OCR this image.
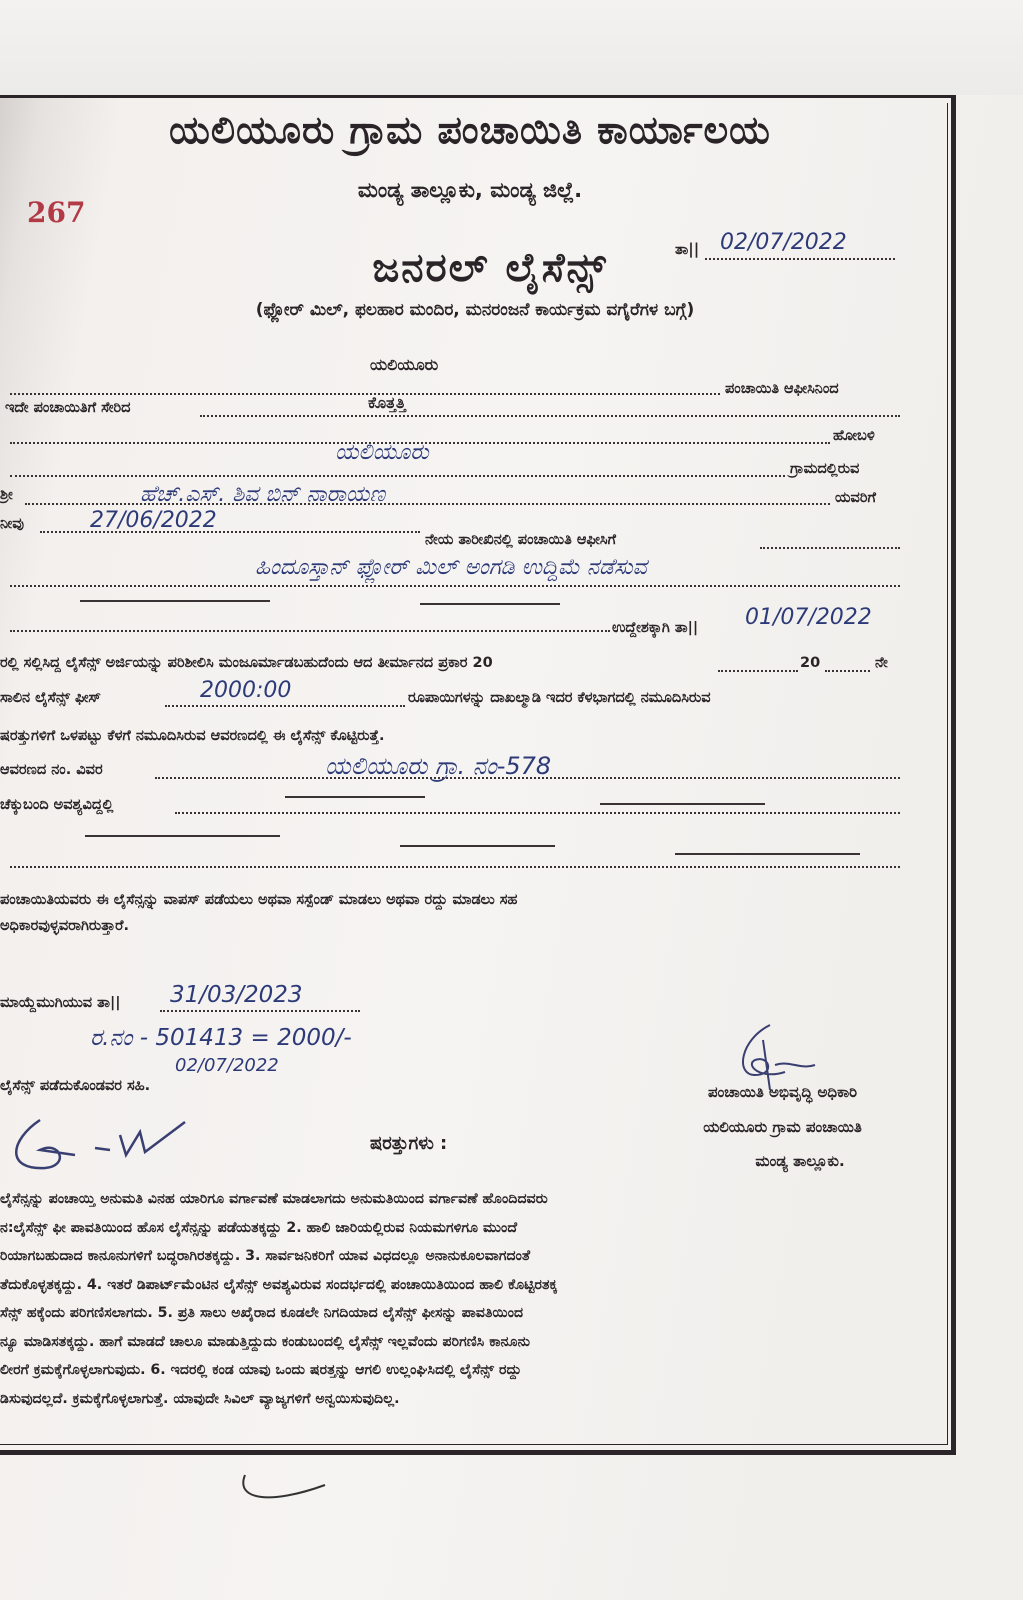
ಯಲಿಯೂರು ಗ್ರಾಮ ಪಂಚಾಯಿತಿ ಕಾರ್ಯಾಲಯ
ಮಂಡ್ಯ ತಾಲ್ಲೂಕು, ಮಂಡ್ಯ ಜಿಲ್ಲೆ.
267
ತಾ|| 02/07/2022
ಜನರಲ್ ಲೈಸೆನ್ಸ್
(ಫ್ಲೋರ್ ಮಿಲ್, ಫಲಹಾರ ಮಂದಿರ, ಮನರಂಜನೆ ಕಾರ್ಯಕ್ರಮ ವಗೈರೆಗಳ ಬಗ್ಗೆ)
ಯಲಿಯೂರು
ಪಂಚಾಯಿತಿ ಆಫೀಸಿನಿಂದ
ಇದೇ ಪಂಚಾಯಿತಿಗೆ ಸೇರಿದ	ಕೊತ್ತತ್ತಿ
ಹೋಬಳಿ
ಯಲಿಯೂರು
ಗ್ರಾಮದಲ್ಲಿರುವ
ಶ್ರೀ	ಹೆಚ್.ಎಸ್. ಶಿವ ಬಿನ್ ನಾರಾಯಣ	ಯವರಿಗೆ
ನೀವು	27/06/2022
ನೇಯ ತಾರೀಖಿನಲ್ಲಿ ಪಂಚಾಯಿತಿ ಆಫೀಸಿಗೆ
ಹಿಂದೂಸ್ತಾನ್ ಫ್ಲೋರ್ ಮಿಲ್ ಅಂಗಡಿ ಉದ್ದಿಮೆ ನಡೆಸುವ
ಉದ್ದೇಶಕ್ಕಾಗಿ ತಾ|| 01/07/2022
ರಲ್ಲಿ ಸಲ್ಲಿಸಿದ್ದ ಲೈಸೆನ್ಸ್ ಅರ್ಜಿಯನ್ನು ಪರಿಶೀಲಿಸಿ ಮಂಜೂರ್ಮಾಡಬಹುದೆಂದು ಆದ ತೀರ್ಮಾನದ ಪ್ರಕಾರ 20	20	ನೇ
ಸಾಲಿನ ಲೈಸೆನ್ಸ್ ಫೀಸ್	2000:00	ರೂಪಾಯಿಗಳನ್ನು ದಾಖಲ್ಮಾಡಿ ಇದರ ಕೆಳಭಾಗದಲ್ಲಿ ನಮೂದಿಸಿರುವ
ಷರತ್ತುಗಳಿಗೆ ಒಳಪಟ್ಟು ಕೆಳಗೆ ನಮೂದಿಸಿರುವ ಆವರಣದಲ್ಲಿ ಈ ಲೈಸೆನ್ಸ್ ಕೊಟ್ಟಿರುತ್ತೆ.
ಆವರಣದ ನಂ. ವಿವರ	ಯಲಿಯೂರು ಗ್ರಾ. ನಂ-578
ಚೆಕ್ಕುಬಂದಿ ಅವಶ್ಯವಿದ್ದಲ್ಲಿ
ಪಂಚಾಯಿತಿಯವರು ಈ ಲೈಸೆನ್ಸನ್ನು ವಾಪಸ್ ಪಡೆಯಲು ಅಥವಾ ಸಸ್ಪೆಂಡ್ ಮಾಡಲು ಅಥವಾ ರದ್ದು ಮಾಡಲು ಸಹ
ಅಧಿಕಾರವುಳ್ಳವರಾಗಿರುತ್ತಾರೆ.
ಮಾಯ್ದೆಮುಗಿಯುವ ತಾ|| 31/03/2023
ರ.ನಂ - 501413 = 2000/-
02/07/2022
ಲೈಸೆನ್ಸ್ ಪಡೆದುಕೊಂಡವರ ಸಹಿ.	ಪಂಚಾಯಿತಿ ಅಭಿವೃದ್ಧಿ ಅಧಿಕಾರಿ
ಯಲಿಯೂರು ಗ್ರಾಮ ಪಂಚಾಯಿತಿ
ಮಂಡ್ಯ ತಾಲ್ಲೂಕು.
ಷರತ್ತುಗಳು :
ಲೈಸೆನ್ಸನ್ನು ಪಂಚಾಯ್ತಿ ಅನುಮತಿ ವಿನಹ ಯಾರಿಗೂ ವರ್ಗಾವಣೆ ಮಾಡಲಾಗದು ಅನುಮತಿಯಿಂದ ವರ್ಗಾವಣೆ ಹೊಂದಿದವರು
ನ:ಲೈಸೆನ್ಸ್ ಫೀ ಪಾವತಿಯಿಂದ ಹೊಸ ಲೈಸೆನ್ಸನ್ನು ಪಡೆಯತಕ್ಕದ್ದು 2. ಹಾಲಿ ಜಾರಿಯಲ್ಲಿರುವ ನಿಯಮಗಳಿಗೂ ಮುಂದೆ
ರಿಯಾಗಬಹುದಾದ ಕಾನೂನುಗಳಿಗೆ ಬದ್ಧರಾಗಿರತಕ್ಕದ್ದು. 3. ಸಾರ್ವಜನಿಕರಿಗೆ ಯಾವ ವಿಧದಲ್ಲೂ ಅನಾನುಕೂಲವಾಗದಂತೆ
ತೆದುಕೊಳ್ಳತಕ್ಕದ್ದು. 4. ಇತರೆ ಡಿಪಾರ್ಟ್‌ಮೆಂಟಿನ ಲೈಸೆನ್ಸ್ ಅವಶ್ಯವಿರುವ ಸಂದರ್ಭದಲ್ಲಿ ಪಂಚಾಯಿತಿಯಿಂದ ಹಾಲಿ ಕೊಟ್ಟಿರತಕ್ಕ
ಸೆನ್ಸ್ ಹಕ್ಕೆಂದು ಪರಿಗಣಿಸಲಾಗದು. 5. ಪ್ರತಿ ಸಾಲು ಅಖೈರಾದ ಕೂಡಲೇ ನಿಗದಿಯಾದ ಲೈಸೆನ್ಸ್ ಫೀಸನ್ನು ಪಾವತಿಯಿಂದ
ನ್ಯೂ ಮಾಡಿಸತಕ್ಕದ್ದು. ಹಾಗೆ ಮಾಡದೆ ಚಾಲೂ ಮಾಡುತ್ತಿದ್ದುದು ಕಂಡುಬಂದಲ್ಲಿ ಲೈಸೆನ್ಸ್ ಇಲ್ಲವೆಂದು ಪರಿಗಣಿಸಿ ಕಾನೂನು
ಲೀರಗೆ ಕ್ರಮಕ್ಕೆಗೊಳ್ಳಲಾಗುವುದು. 6. ಇದರಲ್ಲಿ ಕಂಡ ಯಾವು ಒಂದು ಷರತ್ತನ್ನು ಆಗಲಿ ಉಲ್ಲಂಘಿಸಿದಲ್ಲಿ ಲೈಸೆನ್ಸ್ ರದ್ದು
ಡಿಸುವುದಲ್ಲದೆ. ಕ್ರಮಕ್ಕೆಗೊಳ್ಳಲಾಗುತ್ತೆ. ಯಾವುದೇ ಸಿವಿಲ್ ವ್ಯಾಜ್ಯಗಳಿಗೆ ಅನ್ವಯಿಸುವುದಿಲ್ಲ.
